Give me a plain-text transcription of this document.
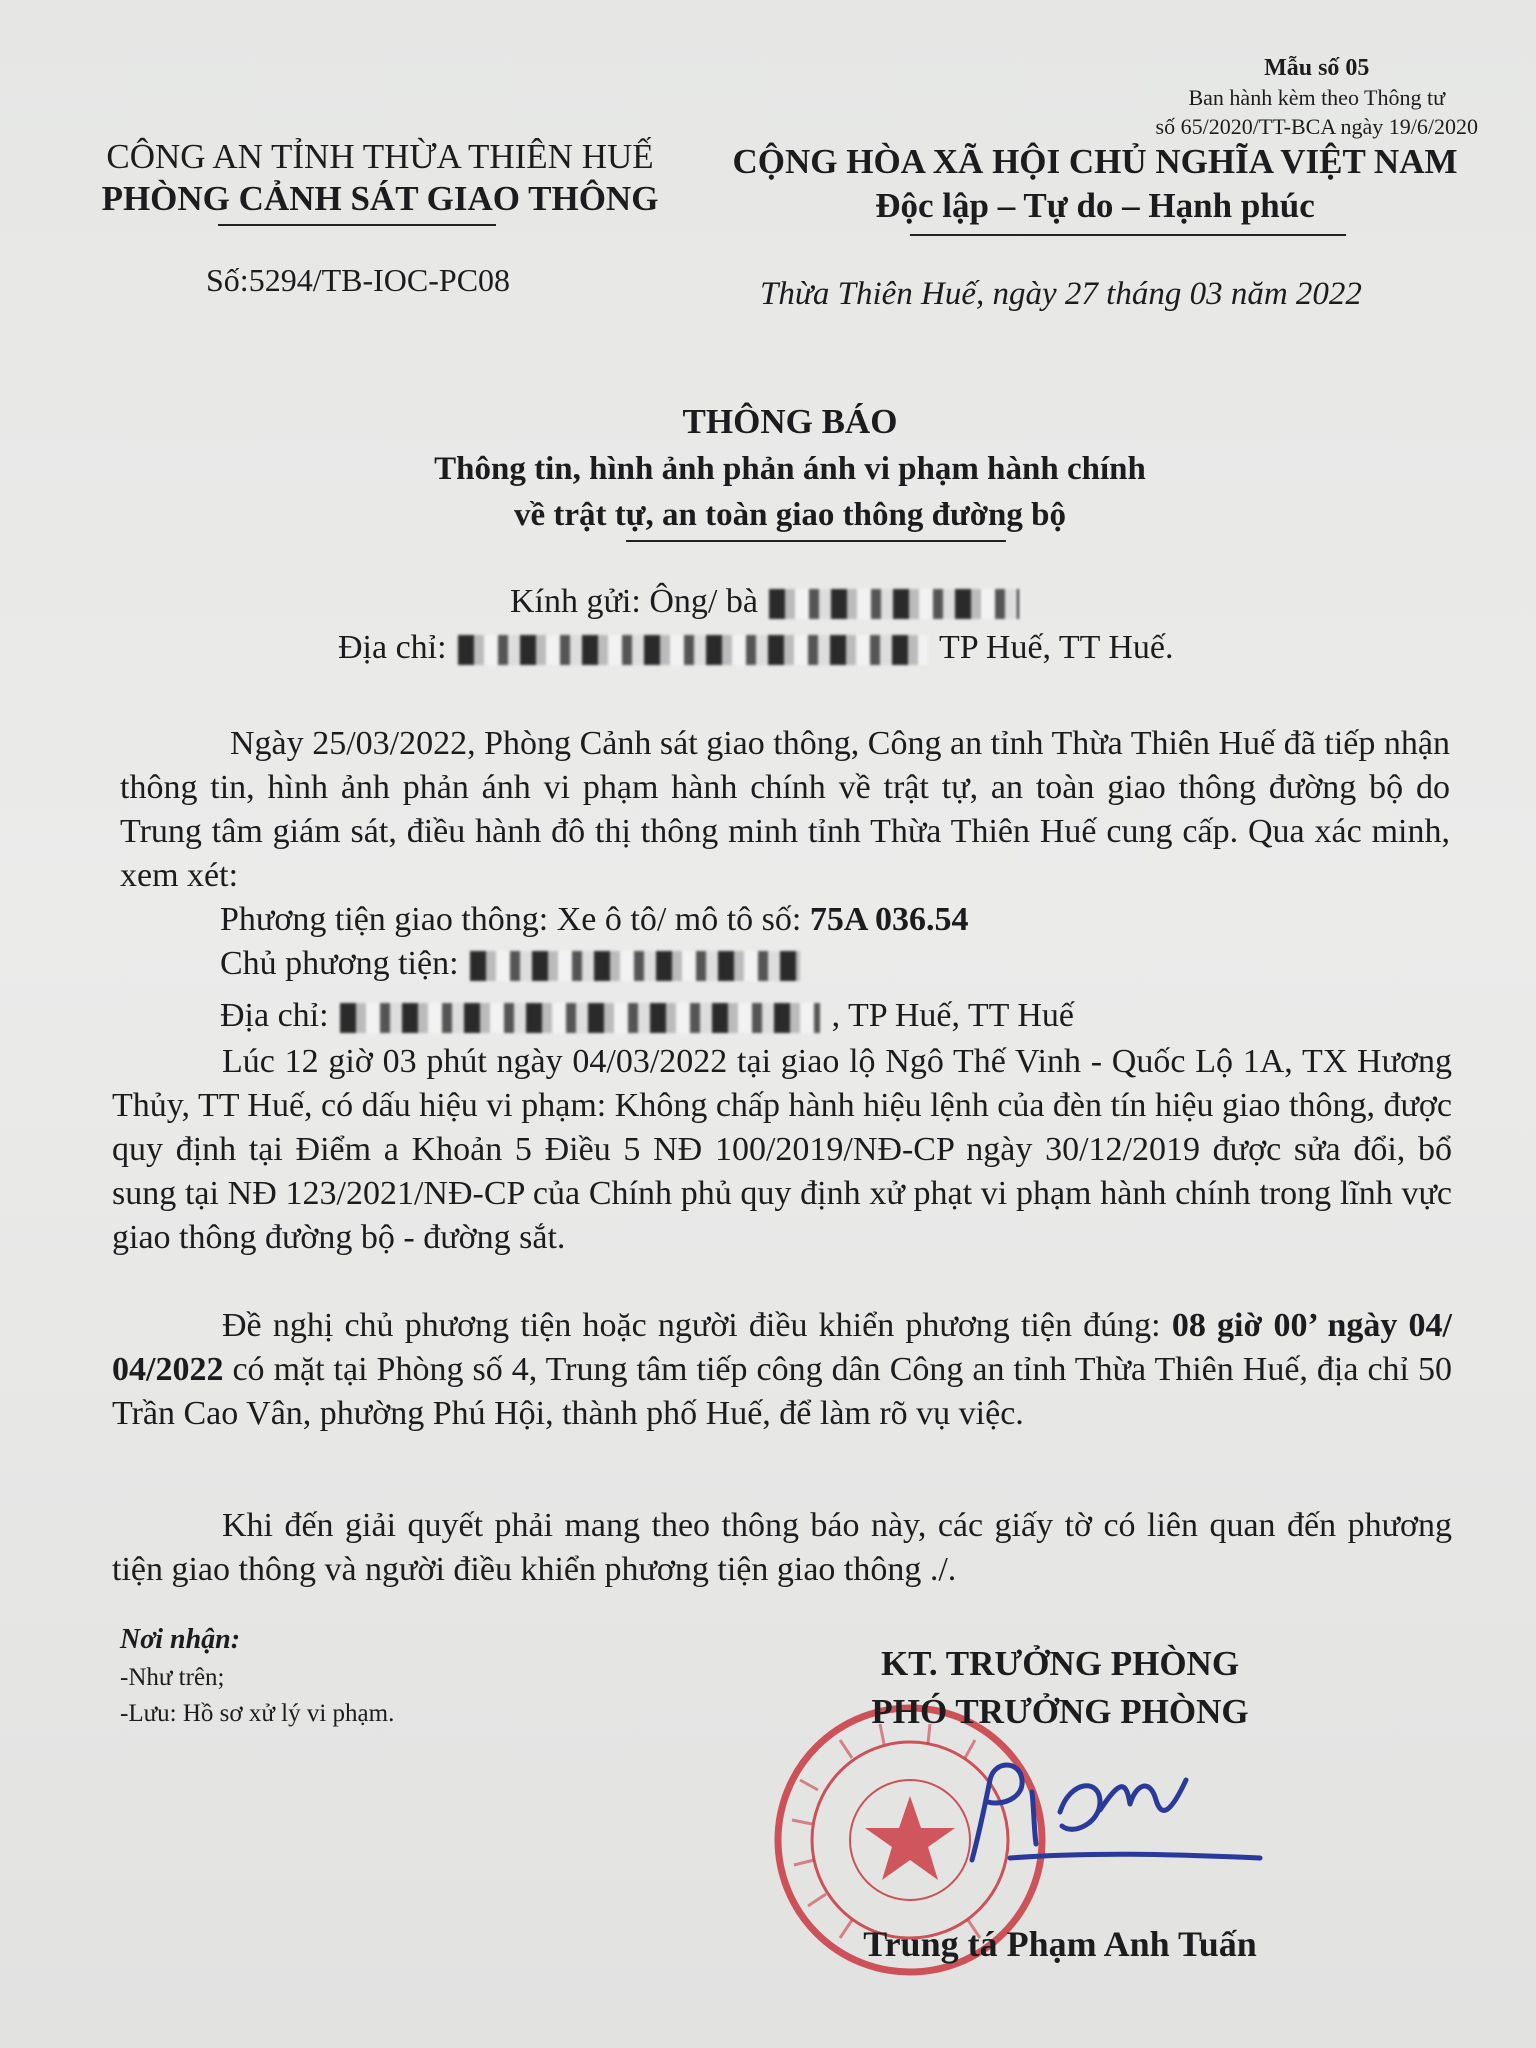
Mẫu số 05
Ban hành kèm theo Thông tư
số 65/2020/TT-BCA ngày 19/6/2020
CÔNG AN TỈNH THỪA THIÊN HUẾ
PHÒNG CẢNH SÁT GIAO THÔNG
Số:5294/TB-IOC-PC08
CỘNG HÒA XÃ HỘI CHỦ NGHĨA VIỆT NAM
Độc lập – Tự do – Hạnh phúc
Thừa Thiên Huế, ngày 27 tháng 03 năm 2022
THÔNG BÁO
Thông tin, hình ảnh phản ánh vi phạm hành chính
về trật tự, an toàn giao thông đường bộ
Kính gửi: Ông/ bà
Địa chỉ:	TP Huế, TT Huế.
Ngày 25/03/2022, Phòng Cảnh sát giao thông, Công an tỉnh Thừa Thiên Huế đã tiếp nhận thông tin, hình ảnh phản ánh vi phạm hành chính về trật tự, an toàn giao thông đường bộ do Trung tâm giám sát, điều hành đô thị thông minh tỉnh Thừa Thiên Huế cung cấp. Qua xác minh, xem xét:
Phương tiện giao thông: Xe ô tô/ mô tô số: 75A 036.54
Chủ phương tiện:
Địa chỉ:	, TP Huế, TT Huế
Lúc 12 giờ 03 phút ngày 04/03/2022 tại giao lộ Ngô Thế Vinh - Quốc Lộ 1A, TX Hương Thủy, TT Huế, có dấu hiệu vi phạm: Không chấp hành hiệu lệnh của đèn tín hiệu giao thông, được quy định tại Điểm a Khoản 5 Điều 5 NĐ 100/2019/NĐ-CP ngày 30/12/2019 được sửa đổi, bổ sung tại NĐ 123/2021/NĐ-CP của Chính phủ quy định xử phạt vi phạm hành chính trong lĩnh vực giao thông đường bộ - đường sắt.
Đề nghị chủ phương tiện hoặc người điều khiển phương tiện đúng: 08 giờ 00’ ngày 04/ 04/2022 có mặt tại Phòng số 4, Trung tâm tiếp công dân Công an tỉnh Thừa Thiên Huế, địa chỉ 50 Trần Cao Vân, phường Phú Hội, thành phố Huế, để làm rõ vụ việc.
Khi đến giải quyết phải mang theo thông báo này, các giấy tờ có liên quan đến phương tiện giao thông và người điều khiển phương tiện giao thông ./.
Nơi nhận:
-Như trên;
-Lưu: Hồ sơ xử lý vi phạm.
KT. TRƯỞNG PHÒNG
PHÓ TRƯỞNG PHÒNG
Trung tá Phạm Anh Tuấn
